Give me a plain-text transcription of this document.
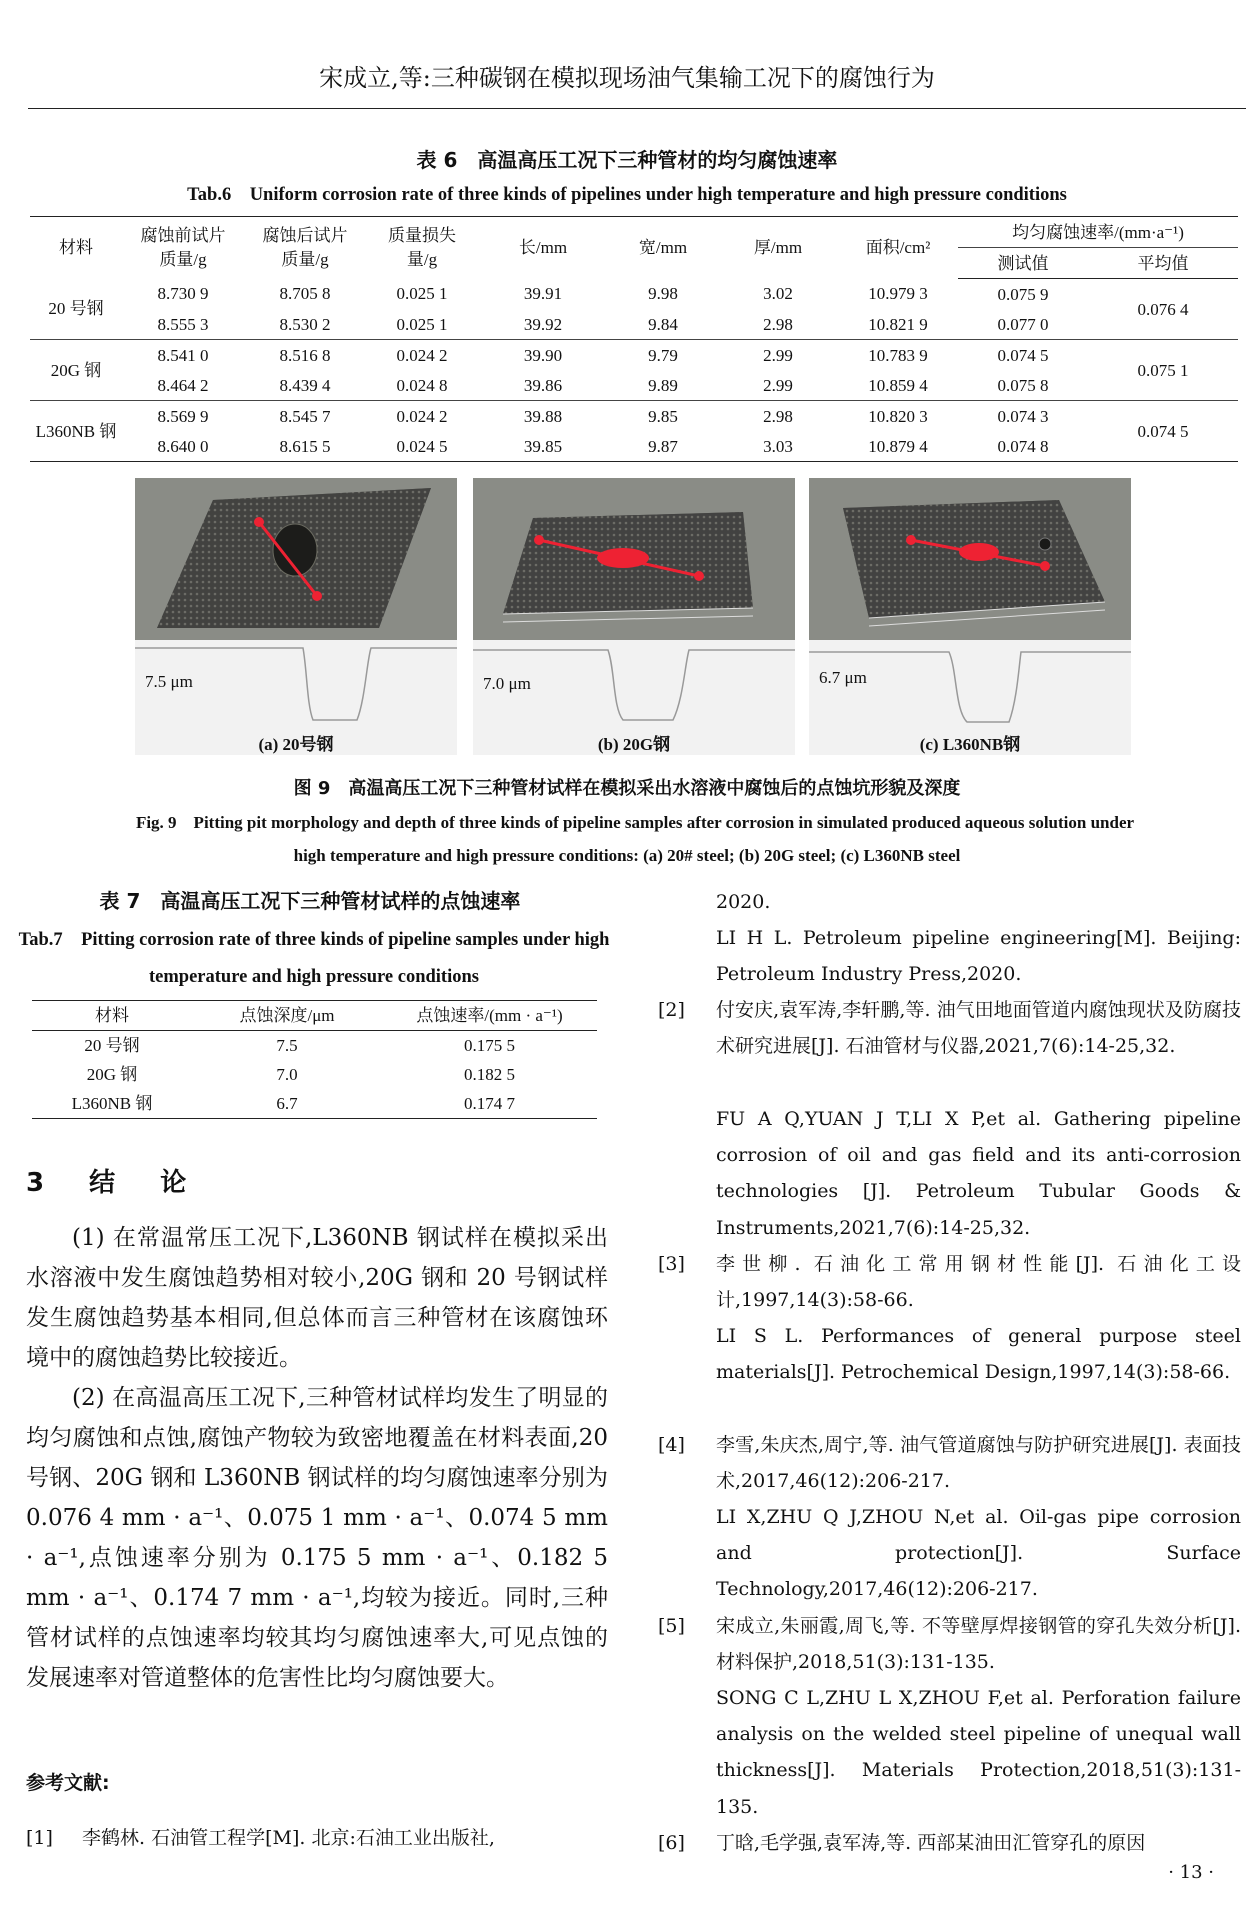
宋成立,等:三种碳钢在模拟现场油气集输工况下的腐蚀行为
表 6　高温高压工况下三种管材的均匀腐蚀速率
Tab.6　Uniform corrosion rate of three kinds of pipelines under high temperature and high pressure conditions
材料	腐蚀前试片质量/g	腐蚀后试片质量/g	质量损失量/g	长/mm	宽/mm	厚/mm	面积/cm²	均匀腐蚀速率/(mm·a⁻¹)	
								测试值	平均值
20 号钢	8.730 9	8.705 8	0.025 1	39.91	9.98	3.02	10.979 3	0.075 9	0.076 4
	8.555 3	8.530 2	0.025 1	39.92	9.84	2.98	10.821 9	0.077 0	
20G 钢	8.541 0	8.516 8	0.024 2	39.90	9.79	2.99	10.783 9	0.074 5	0.075 1
	8.464 2	8.439 4	0.024 8	39.86	9.89	2.99	10.859 4	0.075 8	
L360NB 钢	8.569 9	8.545 7	0.024 2	39.88	9.85	2.98	10.820 3	0.074 3	0.074 5
	8.640 0	8.615 5	0.024 5	39.85	9.87	3.03	10.879 4	0.074 8	
7.5 μm	7.0 μm	6.7 μm
(a) 20号钢	(b) 20G钢	(c) L360NB钢
图 9　高温高压工况下三种管材试样在模拟采出水溶液中腐蚀后的点蚀坑形貌及深度
Fig. 9　Pitting pit morphology and depth of three kinds of pipeline samples after corrosion in simulated produced aqueous solution under
high temperature and high pressure conditions: (a) 20# steel; (b) 20G steel; (c) L360NB steel
表 7　高温高压工况下三种管材试样的点蚀速率
Tab.7　Pitting corrosion rate of three kinds of pipeline samples under high temperature and high pressure conditions
材料	点蚀深度/μm	点蚀速率/(mm · a⁻¹)
20 号钢	7.5	0.175 5
20G 钢	7.0	0.182 5
L360NB 钢	6.7	0.174 7
3 结 论
(1) 在常温常压工况下,L360NB 钢试样在模拟采出水溶液中发生腐蚀趋势相对较小,20G 钢和 20 号钢试样发生腐蚀趋势基本相同,但总体而言三种管材在该腐蚀环境中的腐蚀趋势比较接近。
(2) 在高温高压工况下,三种管材试样均发生了明显的均匀腐蚀和点蚀,腐蚀产物较为致密地覆盖在材料表面,20 号钢、20G 钢和 L360NB 钢试样的均匀腐蚀速率分别为 0.076 4 mm · a⁻¹、0.075 1 mm · a⁻¹、0.074 5 mm · a⁻¹,点蚀速率分别为 0.175 5 mm · a⁻¹、0.182 5 mm · a⁻¹、0.174 7 mm · a⁻¹,均较为接近。同时,三种管材试样的点蚀速率均较其均匀腐蚀速率大,可见点蚀的发展速率对管道整体的危害性比均匀腐蚀要大。
参考文献:
[1] 李鹤林. 石油管工程学[M]. 北京:石油工业出版社,
2020.
LI H L. Petroleum pipeline engineering[M]. Beijing: Petroleum Industry Press,2020.
[2] 付安庆,袁军涛,李轩鹏,等. 油气田地面管道内腐蚀现状及防腐技术研究进展[J]. 石油管材与仪器,2021,7(6):14-25,32.
FU A Q,YUAN J T,LI X P,et al. Gathering pipeline corrosion of oil and gas field and its anti-corrosion technologies [J]. Petroleum Tubular Goods & Instruments,2021,7(6):14-25,32.
[3] 李世柳. 石油化工常用钢材性能[J]. 石油化工设计,1997,14(3):58-66.
LI S L. Performances of general purpose steel materials[J]. Petrochemical Design,1997,14(3):58-66.
[4] 李雪,朱庆杰,周宁,等. 油气管道腐蚀与防护研究进展[J]. 表面技术,2017,46(12):206-217.
LI X,ZHU Q J,ZHOU N,et al. Oil-gas pipe corrosion and protection[J]. Surface Technology,2017,46(12):206-217.
[5] 宋成立,朱丽霞,周飞,等. 不等壁厚焊接钢管的穿孔失效分析[J]. 材料保护,2018,51(3):131-135.
SONG C L,ZHU L X,ZHOU F,et al. Perforation failure analysis on the welded steel pipeline of unequal wall thickness[J]. Materials Protection,2018,51(3):131-135.
[6] 丁晗,毛学强,袁军涛,等. 西部某油田汇管穿孔的原因
· 13 ·
